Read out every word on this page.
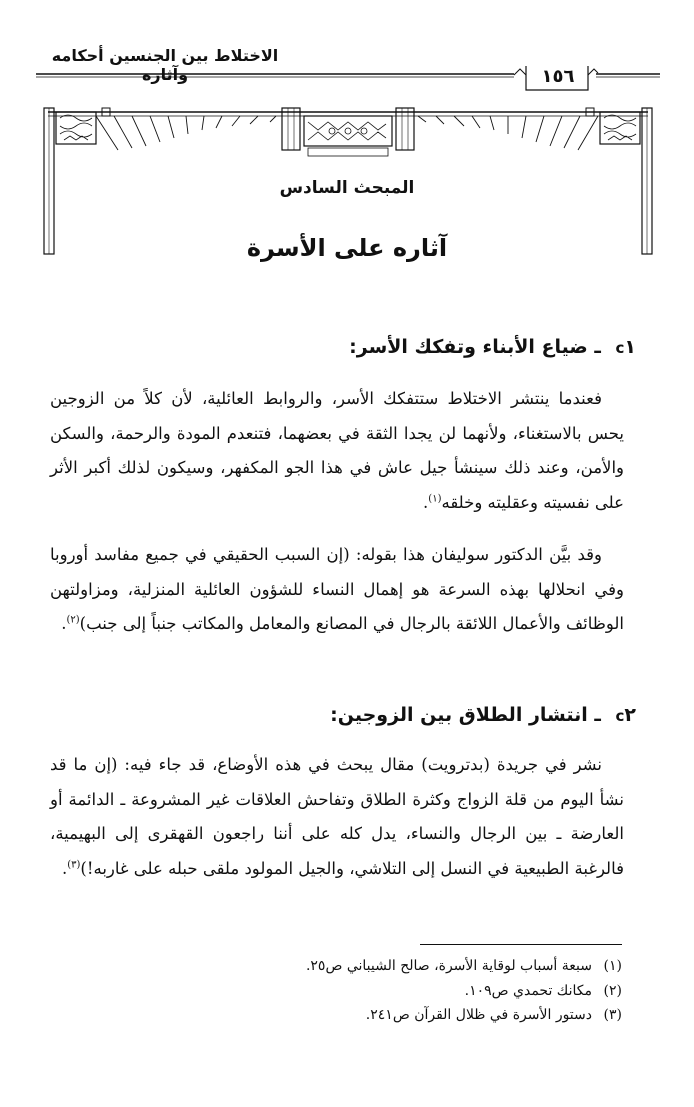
الاختلاط بين الجنسين أحكامه وآثاره	١٥٦
المبحث السادس
آثاره على الأسرة
c١ ـ ضياع الأبناء وتفكك الأسر:

فعندما ينتشر الاختلاط ستتفكك الأسر، والروابط العائلية، لأن كلاً من الزوجين يحس بالاستغناء، ولأنهما لن يجدا الثقة في بعضهما، فتنعدم المودة والرحمة، والسكن والأمن، وعند ذلك سينشأ جيل عاش في هذا الجو المكفهر، وسيكون لذلك أكبر الأثر على نفسيته وعقليته وخلقه$^{(١)}$.

وقد بيَّن الدكتور سوليفان هذا بقوله: (إن السبب الحقيقي في جميع مفاسد أوروبا وفي انحلالها بهذه السرعة هو إهمال النساء للشؤون العائلية المنزلية، ومزاولتهن الوظائف والأعمال اللائقة بالرجال في المصانع والمعامل والمكاتب جنباً إلى جنب)$^{(٢)}$.

c٢ ـ انتشار الطلاق بين الزوجين:

نشر في جريدة (بدترويت) مقال يبحث في هذه الأوضاع، قد جاء فيه: (إن ما قد نشأ اليوم من قلة الزواج وكثرة الطلاق وتفاحش العلاقات غير المشروعة ـ الدائمة أو العارضة ـ بين الرجال والنساء، يدل كله على أننا راجعون القهقرى إلى البهيمية، فالرغبة الطبيعية في النسل إلى التلاشي، والجيل المولود ملقى حبله على غاربه!)$^{(٣)}$.

(١)سبعة أسباب لوقاية الأسرة، صالح الشيباني ص٢٥.
(٢)مكانك تحمدي ص١٠٩.
(٣)دستور الأسرة في ظلال القرآن ص٢٤١.
